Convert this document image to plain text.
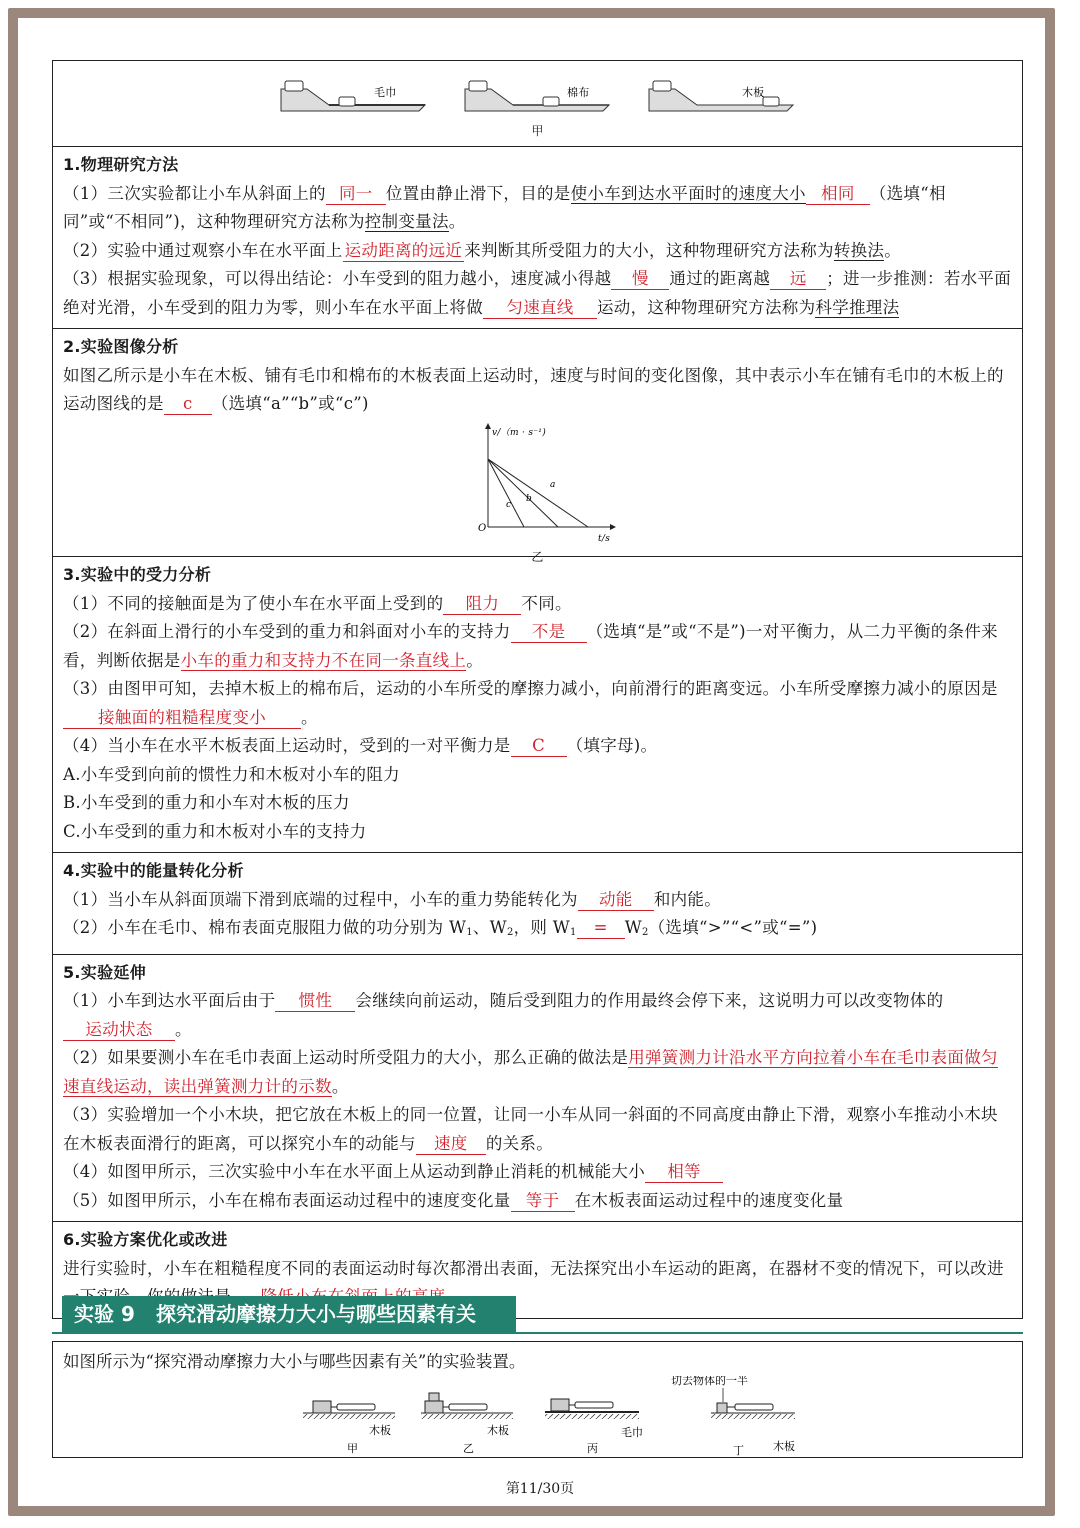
毛巾	棉布	木板
甲
1.物理研究方法
（1）三次实验都让小车从斜面上的 同一 位置由静止滑下，目的是使小车到达水平面时的速度大小 相同 （选填“相同”或“不相同”)，这种物理研究方法称为控制变量法。
（2）实验中通过观察小车在水平面上 运动距离的远近 来判断其所受阻力的大小，这种物理研究方法称为转换法。
（3）根据实验现象，可以得出结论：小车受到的阻力越小，速度减小得越 慢 通过的距离越 远 ；进一步推测：若水平面绝对光滑，小车受到的阻力为零，则小车在水平面上将做 匀速直线 运动，这种物理研究方法称为科学推理法
2.实验图像分析
如图乙所示是小车在木板、铺有毛巾和棉布的木板表面上运动时，速度与时间的变化图像，其中表示小车在铺有毛巾的木板上的运动图线的是 c （选填“a”“b”或“c”)
v/（m · s⁻¹)
t/s
O
a
b
c
乙
3.实验中的受力分析
（1）不同的接触面是为了使小车在水平面上受到的 阻力 不同。
（2）在斜面上滑行的小车受到的重力和斜面对小车的支持力 不是 （选填“是”或“不是”)一对平衡力，从二力平衡的条件来看，判断依据是小车的重力和支持力不在同一条直线上。
（3）由图甲可知，去掉木板上的棉布后，运动的小车所受的摩擦力减小，向前滑行的距离变远。小车所受摩擦力减小的原因是接触面的粗糙程度变小 。
（4）当小车在水平木板表面上运动时，受到的一对平衡力是 C （填字母)。
A.小车受到向前的惯性力和木板对小车的阻力
B.小车受到的重力和小车对木板的压力
C.小车受到的重力和木板对小车的支持力
4.实验中的能量转化分析
（1）当小车从斜面顶端下滑到底端的过程中，小车的重力势能转化为 动能 和内能。
（2）小车在毛巾、棉布表面克服阻力做的功分别为 $W_1$、$W_2$，则 $W_1 = W_2$（选填“>”“<”或“=”)
5.实验延伸
（1）小车到达水平面后由于 惯性 会继续向前运动，随后受到阻力的作用最终会停下来，这说明力可以改变物体的运动状态 。
（2）如果要测小车在毛巾表面上运动时所受阻力的大小，那么正确的做法是用弹簧测力计沿水平方向拉着小车在毛巾表面做匀速直线运动，读出弹簧测力计的示数。
（3）实验增加一个小木块，把它放在木板上的同一位置，让同一小车从同一斜面的不同高度由静止下滑，观察小车推动小木块在木板表面滑行的距离，可以探究小车的动能与 速度 的关系。
（4）如图甲所示，三次实验中小车在水平面上从运动到静止消耗的机械能大小 相等
（5）如图甲所示，小车在棉布表面运动过程中的速度变化量 等于 在木板表面运动过程中的速度变化量
6.实验方案优化或改进
进行实验时，小车在粗糙程度不同的表面运动时每次都滑出表面，无法探究出小车运动的距离，在器材不变的情况下，可以改进
实验 9 探究滑动摩擦力大小与哪些因素有关
如图所示为“探究滑动摩擦力大小与哪些因素有关”的实验装置。
木板
甲
木板
乙
毛巾
丙
切去物体的一半
木板
丁
第11/30页
